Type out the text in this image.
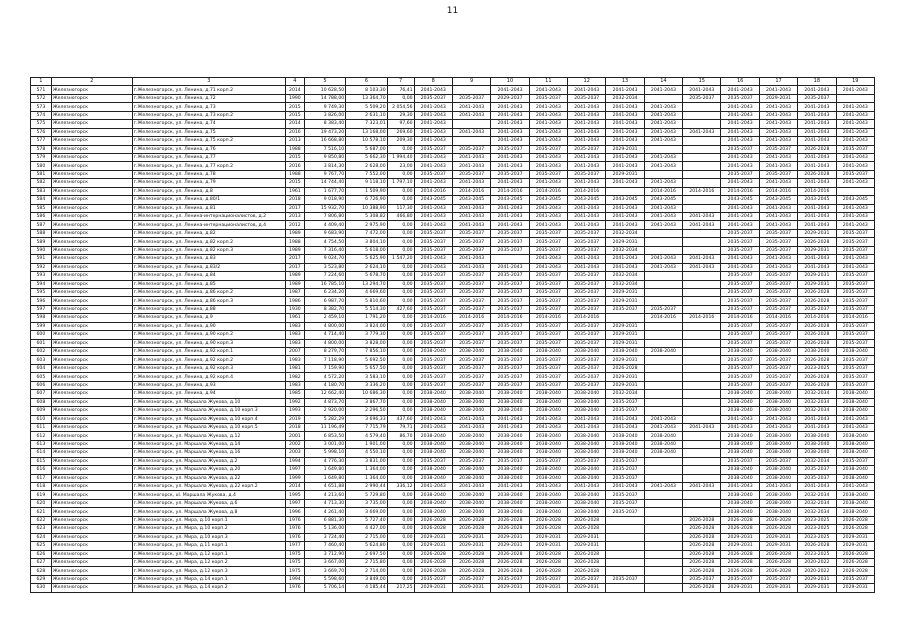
11
1	2	3	4	5	6	7	8	9	10	11	12	13	14	15	16	17	18	19
571	Железногорск	г.Железногорск, ул. Ленина, д.71 корп.2	2014	10 628,50	8 103,30	76,41	2041-2043		2041-2043	2041-2043	2041-2043	2041-2043	2041-2043	2041-2043	2041-2043	2041-2043	2041-2043	2041-2043
572	Железногорск	г.Железногорск, ул. Ленина, д.72	1990	14 788,00	13 364,70	0,00	2035-2037	2035-2037	2029-2037	2035-2037	2035-2037	2032-2034		2035-2037	2035-2037	2029-2031	2035-2037	
573	Железногорск	г.Железногорск, ул. Ленина, д.73	2015	9 749,30	5 509,20	2 054,56	2041-2043	2041-2043	2041-2043	2041-2043	2041-2043	2041-2043	2041-2043		2041-2043	2041-2043	2041-2043	2041-2043
574	Железногорск	г.Железногорск, ул. Ленина, д.73 корп.2	2015	3 826,00	2 631,10	29,30	2041-2043	2041-2043	2041-2043	2041-2043	2041-2043	2041-2043	2041-2043		2041-2043	2041-2043	2041-2043	2041-2043
575	Железногорск	г.Железногорск, ул. Ленина, д.74	2014	8 383,40	7 323,01	97,60	2041-2043		2041-2043	2041-2043	2041-2043	2041-2043	2041-2043		2041-2043	2041-2043	2041-2043	2041-2043
576	Железногорск	г.Железногорск, ул. Ленина, д.75	2016	19 473,20	13 168,00	269,60	2041-2043	2041-2043	2041-2043	2041-2043	2041-2043	2041-2043	2041-2043	2041-2043	2041-2043	2041-2043	2041-2043	2041-2043
577	Железногорск	г.Железногорск, ул. Ленина, д.75 корп.2	2013	16 668,80	10 578,10	209,30	2041-2043		2041-2043	2041-2043	2041-2043	2041-2043	2041-2043		2041-2043	2041-2043	2041-2043	2041-2043
578	Железногорск	г.Железногорск, ул. Ленина, д.76	1988	7 516,10	5 687,00	0,00	2035-2037	2035-2037	2035-2037	2035-2037	2035-2037	2029-2031			2035-2037	2035-2037	2026-2028	2035-2037
579	Железногорск	г.Железногорск, ул. Ленина, д.77	2015	9 850,80	5 662,30	1 994,40	2041-2043	2041-2043	2041-2043	2041-2043	2041-2043	2041-2043	2041-2043		2041-2043	2041-2043	2041-2043	2041-2043
580	Железногорск	г.Железногорск, ул. Ленина, д.77 корп.2	2016	3 814,30	2 628,00	23,00	2041-2043	2041-2043	2041-2043	2041-2043	2041-2043	2041-2043	2041-2043		2041-2043	2041-2043	2041-2043	2041-2043
581	Железногорск	г.Железногорск, ул. Ленина, д.78	1988	9 767,70	7 552,00	0,00	2035-2037	2035-2037	2035-2037	2035-2037	2035-2037	2029-2031			2035-2037	2035-2037	2026-2028	2035-2037
582	Железногорск	г.Железногорск, ул. Ленина, д.79	2015	14 744,40	9 118,10	1 797,10	2041-2043	2041-2043	2041-2043	2041-2043	2041-2043	2041-2043	2041-2043		2041-2043	2041-2043	2041-2043	2041-2043
583	Железногорск	г.Железногорск, ул. Ленина, д.8	1961	1 677,70	1 509,90	0,00	2014-2016	2014-2016	2014-2016	2014-2016	2014-2016		2014-2016	2014-2016	2014-2016	2014-2016	2014-2016	
584	Железногорск	г.Железногорск, ул. Ленина, д.80/1	2018	9 018,90	6 726,90	0,00	2043-2045	2043-2045	2043-2045	2043-2045	2043-2045	2043-2045	2043-2045		2043-2045	2043-2045	2043-2045	2043-2045
585	Железногорск	г.Железногорск, ул. Ленина, д.81	2017	15 932,70	10 388,90	117,30	2041-2043	2041-2043	2041-2043	2041-2043	2041-2043	2041-2043	2041-2043		2041-2043	2041-2043	2041-2043	2041-2043
586	Железногорск	г.Железногорск, ул. Ленина-интернационалистов, д.2	2013	7 806,80	5 308,82	466,80	2041-2043	2041-2043	2041-2043	2041-2043	2041-2043	2041-2043	2041-2043	2041-2043	2041-2043	2041-2043	2041-2043	2041-2043
587	Железногорск	г.Железногорск, ул. Ленина-интернационалистов, д.4	2012	4 409,40	2 975,90	0,00	2041-2043	2041-2043	2041-2043	2041-2043	2041-2043	2041-2043	2041-2043	2041-2043	2041-2043	2041-2043	2041-2043	2041-2043
588	Железногорск	г.Железногорск, ул. Ленина, д.82	1989	9 683,90	7 472,00	0,00	2035-2037	2035-2037	2035-2037	2035-2037	2035-2037	2032-2034			2035-2037	2035-2037	2029-2031	2035-2037
589	Железногорск	г.Железногорск, ул. Ленина, д.82 корп.2	1988	4 754,50	3 804,10	0,00	2035-2037	2035-2037	2035-2037	2035-2037	2035-2037	2029-2031			2035-2037	2035-2037	2026-2028	2035-2037
590	Железногорск	г.Железногорск, ул. Ленина, д.82 корп.3	1989	7 316,40	5 618,00	0,00	2035-2037	2035-2037	2035-2037	2035-2037	2035-2037	2032-2034			2035-2037	2035-2037	2029-2031	2035-2037
591	Железногорск	г.Железногорск, ул. Ленина, д.83	2017	9 024,70	5 625,90	1 547,20	2041-2043	2041-2043		2041-2043	2041-2043	2041-2043	2041-2043	2041-2043	2041-2043	2041-2043	2041-2043	2041-2043
592	Железногорск	г.Железногорск, ул. Ленина, д.83/2	2017	3 523,80	2 624,10	0,00	2041-2043	2041-2043	2041-2043	2041-2043	2041-2043	2041-2043	2041-2043	2041-2043	2041-2043	2041-2043	2041-2043	2041-2043
593	Железногорск	г.Железногорск, ул. Ленина, д.84	1989	7 224,60	5 678,70	0,00	2035-2037	2035-2037	2035-2037	2035-2037	2035-2037	2032-2034			2035-2037	2035-2037	2029-2031	2035-2037
594	Железногорск	г.Железногорск, ул. Ленина, д.85	1989	16 785,10	13 294,70	0,00	2035-2037	2035-2037	2035-2037	2035-2037	2035-2037	2032-2034			2035-2037	2035-2037	2029-2031	2035-2037
595	Железногорск	г.Железногорск, ул. Ленина, д.86 корп.2	1987	6 234,20	4 669,60	0,00	2035-2037	2035-2037	2035-2037	2035-2037	2035-2037	2029-2031			2035-2037	2035-2037	2026-2028	2035-2037
596	Железногорск	г.Железногорск, ул. Ленина, д.86 корп.3	1986	6 987,70	5 810,60	0,00	2035-2037	2035-2037	2035-2037	2035-2037	2035-2037	2029-2031			2035-2037	2035-2037	2026-2028	2035-2037
597	Железногорск	г.Железногорск, ул. Ленина, д.88	1930	8 382,70	5 514,30	427,60	2035-2037	2035-2037	2035-2037	2035-2037	2035-2037	2035-2037	2035-2037		2035-2037	2035-2037	2035-2037	2035-2037
598	Железногорск	г.Железногорск, ул. Ленина, д.9	1961	2 459,10	1 791,20	0,00	2014-2016	2014-2016	2014-2016	2014-2016	2014-2016		2014-2016	2014-2016	2014-2016	2014-2016	2014-2016	2014-2016
599	Железногорск	г.Железногорск, ул. Ленина, д.90	1983	4 800,00	3 824,00	0,00	2035-2037	2035-2037	2035-2037	2035-2037	2035-2037	2029-2031			2035-2037	2035-2037	2026-2028	2035-2037
600	Железногорск	г.Железногорск, ул. Ленина, д.90 корп.2	1983	4 714,40	3 779,30	0,00	2035-2037	2035-2037	2035-2037	2035-2037	2035-2037	2029-2031			2035-2037	2035-2037	2026-2028	2035-2037
601	Железногорск	г.Железногорск, ул. Ленина, д.90 корп.3	1983	4 800,00	3 828,00	0,00	2035-2037	2035-2037	2035-2037	2035-2037	2035-2037	2029-2031			2035-2037	2035-2037	2026-2028	2035-2037
602	Железногорск	г.Железногорск, ул. Ленина, д.92 корп.1	2007	8 279,70	7 856,10	0,00	2038-2040	2038-2040	2038-2040	2038-2040	2038-2040	2038-2040	2038-2040		2038-2040	2038-2040	2038-2040	2038-2040
603	Железногорск	г.Железногорск, ул. Ленина, д.92 корп.2	1983	7 118,90	5 692,50	0,00	2035-2037	2035-2037	2035-2037	2035-2037	2035-2037	2029-2031			2035-2037	2035-2037	2026-2028	2035-2037
604	Железногорск	г.Железногорск, ул. Ленина, д.92 корп.3	1981	7 159,90	5 657,50	0,00	2035-2037	2035-2037	2035-2037	2035-2037	2035-2037	2026-2028			2035-2037	2035-2037	2023-2025	2035-2037
605	Железногорск	г.Железногорск, ул. Ленина, д.92 корп.4	1982	4 572,20	3 583,10	0,00	2035-2037	2035-2037	2035-2037	2035-2037	2035-2037	2029-2031			2035-2037	2035-2037	2026-2028	2035-2037
606	Железногорск	г.Железногорск, ул. Ленина, д.93	1983	4 180,70	3 336,20	0,00	2035-2037	2035-2037	2035-2037	2035-2037	2035-2037	2029-2031			2035-2037	2035-2037	2026-2028	2035-2037
607	Железногорск	г.Железногорск, ул. Ленина, д.94	1985	12 662,40	10 686,30	0,00	2038-2040	2038-2040	2038-2040	2038-2040	2038-2040	2032-2034			2038-2040	2038-2040	2032-2034	2038-2040
608	Железногорск	г.Железногорск, ул. Маршала Жукова, д.10	1992	4 873,70	3 867,70	0,00	2038-2040	2038-2040	2038-2040	2038-2040	2038-2040	2035-2037			2038-2040	2038-2040	2032-2034	2038-2040
609	Железногорск	г.Железногорск, ул. Маршала Жукова, д.10 корп.3	1993	2 920,00	2 296,50	0,00	2038-2040	2038-2040	2038-2040	2038-2040	2038-2040	2035-2037			2038-2040	2038-2040	2032-2034	2038-2040
610	Железногорск	г.Железногорск, ул. Маршала Жукова, д.10 корп.4	2019	5 282,29	3 696,33	437,60	2041-2043	2041-2043	2041-2043	2041-2043	2041-2043	2041-2043	2041-2043		2041-2043	2041-2043	2041-2043	2041-2043
611	Железногорск	г.Железногорск, ул. Маршала Жукова, д.10 корп.5	2018	11 196,49	7 715,79	79,71	2041-2043	2041-2043	2041-2043	2041-2043	2041-2043	2041-2043	2041-2043	2041-2043	2041-2043	2041-2043	2041-2043	2041-2043
612	Железногорск	г.Железногорск, ул. Маршала Жукова, д.12	2001	6 853,50	4 579,40	86,70	2038-2040	2038-2040	2038-2040	2038-2040	2038-2040	2038-2040	2038-2040		2038-2040	2038-2040	2038-2040	2038-2040
613	Железногорск	г.Железногорск, ул. Маршала Жукова, д.14	2002	3 001,00	1 901,00	0,00	2038-2040	2038-2040	2038-2040	2038-2040	2038-2040	2038-2040	2038-2040		2038-2040	2038-2040	2038-2040	2038-2040
614	Железногорск	г.Железногорск, ул. Маршала Жукова, д.16	2003	5 998,10	4 550,10	0,00	2038-2040	2038-2040	2038-2040	2038-2040	2038-2040	2038-2040	2038-2040		2038-2040	2038-2040	2038-2040	2038-2040
615	Железногорск	г.Железногорск, ул. Маршала Жукова, д.2	1994	4 776,30	3 831,00	0,00	2035-2037	2035-2037	2035-2037	2035-2037	2035-2037	2035-2037			2035-2037	2035-2037	2032-2034	2035-2037
616	Железногорск	г.Железногорск, ул. Маршала Жукова, д.20	1997	1 649,80	1 364,00	0,00	2038-2040	2038-2040	2038-2040	2038-2040	2038-2040	2035-2037			2038-2040	2038-2040	2035-2037	2038-2040
617	Железногорск	г.Железногорск, ул. Маршала Жукова, д.22	1999	1 649,80	1 364,00	0,00	2038-2040	2038-2040	2038-2040	2038-2040	2038-2040	2035-2037			2038-2040	2038-2040	2035-2037	2038-2040
618	Железногорск	г.Железногорск, ул. Маршала Жукова, д.22 корп.2	2014	4 651,88	2 990,44	336,12	2041-2043	2041-2043	2041-2043	2041-2043	2041-2043	2041-2043	2041-2043	2041-2043	2041-2043	2041-2043	2041-2043	2041-2043
619	Железногорск	г.Железногорск, ul. Маршала Жукова, д.4	1995	4 213,60	5 729,80	0,00	2038-2040	2038-2040	2038-2040	2038-2040	2038-2040	2035-2037			2038-2040	2038-2040	2032-2034	2038-2040
620	Железногорск	г.Железногорск, ул. Маршала Жукова, д.6	1997	4 713,30	3 735,00	0,00	2038-2040	2038-2040	2038-2040	2038-2040	2038-2040	2035-2037			2038-2040	2038-2040	2032-2034	2038-2040
621	Железногорск	г.Железногорск, ул. Маршала Жукова, д.8	1996	4 261,40	3 669,00	0,00	2038-2040	2038-2040	2038-2040	2038-2040	2038-2040	2035-2037			2038-2040	2038-2040	2032-2034	2038-2040
622	Железногорск	г.Железногорск, ул. Мира, д.10 корп.1	1976	6 881,30	5 727,40	0,00	2026-2028	2026-2028	2026-2028	2026-2028	2026-2028			2026-2028	2026-2028	2026-2028	2023-2025	2026-2028
623	Железногорск	г.Железногорск, ул. Мира, д.10 корп.2	1976	5 136,00	4 427,00	0,00	2026-2028	2026-2028	2026-2028	2026-2028	2026-2028			2026-2028	2026-2028	2026-2028	2023-2025	2026-2028
624	Железногорск	г.Железногорск, ул. Мира, д.10 корп.3	1976	3 724,40	2 715,00	0,00	2029-2031	2029-2031	2029-2031	2029-2031	2029-2031			2026-2028	2029-2031	2029-2031	2023-2025	2029-2031
625	Железногорск	г.Железногорск, ул. Мира, д.11 корп.1	1977	7 460,40	5 624,80	0,00	2029-2031	2029-2031	2029-2031	2029-2031	2029-2031			2026-2028	2029-2031	2029-2031	2026-2028	2029-2031
626	Железногорск	г.Железногорск, ул. Мира, д.12 корп.1	1975	3 712,90	2 697,50	0,00	2026-2028	2026-2028	2026-2028	2026-2028	2026-2028			2026-2028	2026-2028	2026-2028	2023-2025	2026-2028
627	Железногорск	г.Железногорск, ул. Мира, д.12 корп.2	1975	3 667,00	2 715,80	0,00	2026-2028	2026-2028	2026-2028	2026-2028	2026-2028			2026-2028	2026-2028	2026-2028	2020-2022	2026-2028
628	Железногорск	г.Железногорск, ул. Мира, д.12 корп.3	1975	3 669,70	2 714,00	0,00	2026-2028	2026-2028	2026-2028	2026-2028	2026-2028			2026-2028	2026-2028	2026-2028	2020-2022	2026-2028
629	Железногорск	г.Железногорск, ул. Мира, д.14 корп.1	1994	5 598,60	3 849,00	0,00	2035-2037	2035-2037	2035-2037	2035-2037	2035-2037	2035-2037		2035-2037	2035-2037	2035-2037	2029-2031	2035-2037
630	Железногорск	г.Железногорск, ул. Мира, д.14 корп.2	1976	5 706,14	4 185,44	217,25	2029-2031	2029-2031	2029-2031	2029-2031	2029-2031			2026-2028	2029-2031	2029-2031	2029-2031	2029-2031
